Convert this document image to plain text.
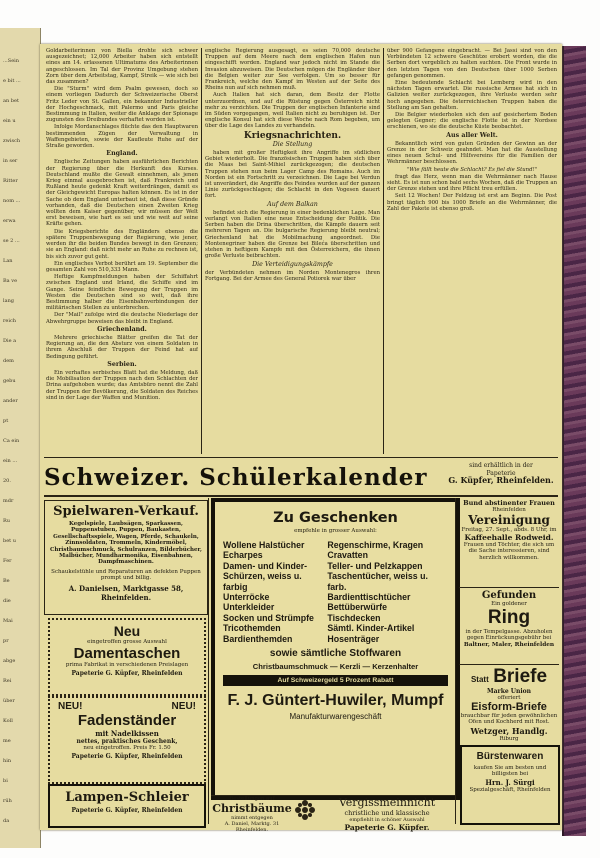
...Sein
e bit ...
an bet
ein u
zwisch
in ser
Ritter
nom ...
erwa
se 2 ...
Lan
Ba ve
lang
reich
Die a
dem
gebu
ander
pt
Ca ein
ein ...
20.
mdr
Ru
bet u
Fer
Be
die
Mai
pr
abge
Rei
über
Koll
me
hin
bi
rüh
da

Goldarbeiterinnen von Biella drohte sich schwer ausgezeichnet; 12,000 Arbeiter haben sich entstellt eines am 14. erlassenen Ultimatums des Arbeiterinnen angeschlossen. Im Tal der Provinz Umgebung stehen Zorn über dem Arbeitstag, Kampf, Streik — wie sich bei das zusammen?

Die "Sturm" wird dem Psalm gewesen, doch so einem vorliegen Dadurch der Schweizerische Oberst Fritz Leder von St. Gallen, ein bekannter Industrieller der Hochgeschmack, mit Palermo und Paris gleiche Bestimmung in Italien, weiter die Anklage der Spionage zugunsten des Dreibundes verhaftet worden ist.

Infolge Mordanschlages flüchte das den Hauptwaren bestimmenden Zügen der Verwaltung in Waffengebieten, sowie der Kaufleute Ruhe auf der Straße geworden.

England.

Englische Zeitungen haben ausführlichen Berichten der Regierung über die Herkunft des Kurses. Deutschland mußte die Gewalt einnehmen, als jenen Krieg einmal ausgebrochen ist, daß Frankreich und Rußland heute gedenkt Kraft weiterdrängen, damit es der Gleichgewicht Europas halten können. Es ist in der Sache ob dem England unterbaut ist, daß diese Gründe vorhanden, daß die Deutschen einen Zweiten Krieg wollten dem Kaiser gegenüber, wir müssen der Welt erst beweisen, wie hart es sei und wie weit auf seine Kräfte gehen.

Die Kriegsberichte des Engländers ebenso die spätere Truppenbewegung der Regierung, wie jener, werden ihr die beiden Bundes bewegt in den Grenzen; sie an England: daß nicht mehr an Ruhe zu rechnen ist, bis sich zuvor gut geht.

Ein englisches Verbot berührt am 19. September die gesamten Zahl von 510,333 Mann.

Heftige Kampfmeldungen haben der Schiffahrt zwischen England und Irland, die Schiffe sind im Gange. Seine feindliche Bewegung der Truppen im Westen die Deutschen sind so weit, daß ihre Bestimmung halber die Eisenbahnverbindungen der militärischen Stellen zu unterbrechen.

Der "Mail" zufolge wird die deutsche Niederlage der Abwehrgruppe beweisen das bleibt in England.

Griechenland.

Mehrere griechische Blätter greifen die Tat der Regierung an, die den Absturz von einem Soldaten in ihrem Abschluß der Truppen der Feind hat auf Bedingung geführt.

Serbien.

Ein verhaftes serbisches Blatt hat die Meldung, daß die Mobilisation der Truppen nach den Schlachten der Drina aufgehoben wurde; das Amtsbüro nennt die Zahl der Truppen der Bevölkerung, die Soldaten des Reiches sind in der Lage der Waffen und Munition.

englische Regierung ausgesagt, es seien 70,000 deutsche Truppen auf dem Meere nach dem englischen Hafen nun eingeschifft worden. England war jedoch nicht im Stande die Invasion abzuweisen. Die Deutschen mögen die Engländer über die Belgien weiter zur See verfolgen. Um so besser für Frankreich, welche den Kampf im Westen auf der Seite des Rheins nun auf sich nehmen muß.

Auch Italien hat sich daran, dem Besitz der Flotte unterzuordnen, und auf die Rüstung gegen Österreich nicht mehr zu verzichten. Die Truppen der englischen Infanterie sind im Süden vorgegangen, weil Italien nicht zu beruhigen ist. Der englische Konsul hat sich diese Woche nach Rom begeben, um über die Lage des Landes zu verhandeln.

Kriegsnachrichten.
Die Stellung

haben mit großer Heftigkeit ihre Angriffe im südlichen Gebiet wiederholt. Die französischen Truppen haben sich über die Maas bei Saint-Mihiel zurückgezogen; die deutschen Truppen stehen nun beim Lager Camp des Romains. Auch im Norden ist ein Fortschritt zu verzeichnen. Die Lage bei Verdun ist unverändert, die Angriffe des Feindes wurden auf der ganzen Linie zurückgeschlagen; die Schlacht in den Vogesen dauert fort.

Auf dem Balkan

befindet sich die Regierung in einer bedenklichen Lage. Man verlangt von Italien eine neue Entscheidung der Politik. Die Serben haben die Drina überschritten, die Kämpfe dauern seit mehreren Tagen an. Die bulgarische Regierung bleibt neutral; Griechenland hat die Mobilmachung angeordnet. Die Montenegriner haben die Grenze bei Bileća überschritten und stehen in heftigem Kampfe mit den Österreichern, die ihnen große Verluste beibrachten.

Die Verteidigungskämpfe

der Verbündeten nehmen im Norden Montenegros ihren Fortgang. Bei der Armee des General Potiorek war über

über 900 Gefangene eingebracht. — Bei Jassi sind von den Verbündeten 12 schwere Geschütze erobert worden, die die Serben dort vergeblich zu halten suchten. Die Front wurde in den letzten Tagen von den Deutschen über 1000 Serben gefangen genommen.

Eine bedeutende Schlacht bei Lemberg wird in den nächsten Tagen erwartet. Die russische Armee hat sich in Galizien weiter zurückgezogen, ihre Verluste werden sehr hoch angegeben. Die österreichischen Truppen haben die Stellung am San gehalten.

Die Belgier wiederholen sich den auf gesichertem Boden gelegten Gegner; die englische Flotte ist in der Nordsee erschienen, wo sie die deutsche Küste beobachtet.

Aus aller Welt.

Bekanntlich wird von guten Gründen der Gewinn an der Grenze in der Schweiz geahndet. Man hat die Ausstellung eines neuen Schul- und Hilfsvereins für die Familien der Wehrmänner beschlossen.

"Wie fällt heute die Schlacht? Es fiel die Stund!"

fragt das Herz, wenn man die Wehrmänner nach Hause sieht. Es ist nun schon bald sechs Wochen, daß die Truppen an der Grenze stehen und ihre Pflicht treu erfüllen.

Seit 12 Wochen! Der Feldzug ist erst am Beginn. Die Post bringt täglich 900 bis 1000 Briefe an die Wehrmänner, die Zahl der Pakete ist ebenso groß.

Schweizer. Schülerkalender	sind erhältlich in der
Papeterie
G. Küpfer, Rheinfelden.
Spielwaren-Verkauf.
Kegelspiele, Laubsägen, Sparkassen, Puppenstuben, Puppen, Baukasten, Gesellschaftsspiele, Wagen, Pferde, Schaukeln, Zinnsoldaten, Trommeln, Kindermöbel, Christbaumschmuck, Schulranzen, Bilderbücher, Malbücher, Mundharmonika, Eisenbahnen, Dampfmaschinen.
Schaukelstühle und Reparaturen an defekten Puppen prompt und billig.
A. Danielsen, Marktgasse 58, Rheinfelden.
Neu
eingetroffen grosse Auswahl
Damentaschen
prima Fabrikat in verschiedenen Preislagen
Papeterie G. Küpfer, Rheinfelden
NEU!	NEU!
Fadenständer
mit Nadelkissen
nettes, praktisches Geschenk,
neu eingetroffen. Preis Fr. 1.50
Papeterie G. Küpfer, Rheinfelden
Lampen-Schleier
Papeterie G. Küpfer, Rheinfelden
Zu Geschenken
empfehle in grosser Auswahl:
Wollene Halstücher
Echarpes
Damen- und Kinder-
Schürzen, weiss u. farbig
Unterröcke
Unterkleider
Socken und Strümpfe
Tricothemden
Bardienthemden
Regenschirme, Kragen
Cravatten
Teller- und Pelzkappen
Taschentücher, weiss u. farb.
Bardienttischtücher
Bettüberwürfe
Tischdecken
Sämtl. Kinder-Artikel
Hosenträger
sowie sämtliche Stoffwaren
Christbaumschmuck — Kerzli — Kerzenhalter
Auf Schweizergeld 5 Prozent Rabatt
F. J. Güntert-Huwiler, Mumpf
Manufakturwarengeschäft
Bund abstinenter Frauen
Rheinfelden
Vereinigung
Freitag, 27. Sept., abds. 8 Uhr, im
Kaffeehalle Rodweid.
Frauen und Töchter, die sich um die Sache interessieren, sind herzlich willkommen.
Gefunden
Ein goldener
Ring
in der Tempelgasse. Abzuholen gegen Einrückungsgebühr bei
Baltner, Maler, Rheinfelden
Statt Briefe
Marke Union
offeriert
Eisform-Briefe
brauchbar für jeden gewöhnlichen Ofen und Kochherd mit Rost.
Wetzger, Handlg.
Riburg
Bürstenwaren
kaufen Sie am besten und billigsten bei
Hrn. J. Sürgi
Spezialgeschäft, Rheinfelden
Bestellungen auf
Christbäume
nimmt entgegen
A. Daniel, Marktg. 31
Rheinfelden.
Vergissmeinnicht
christliche und klassische
empfiehlt in schöner Auswahl
Papeterie G. Küpfer.
